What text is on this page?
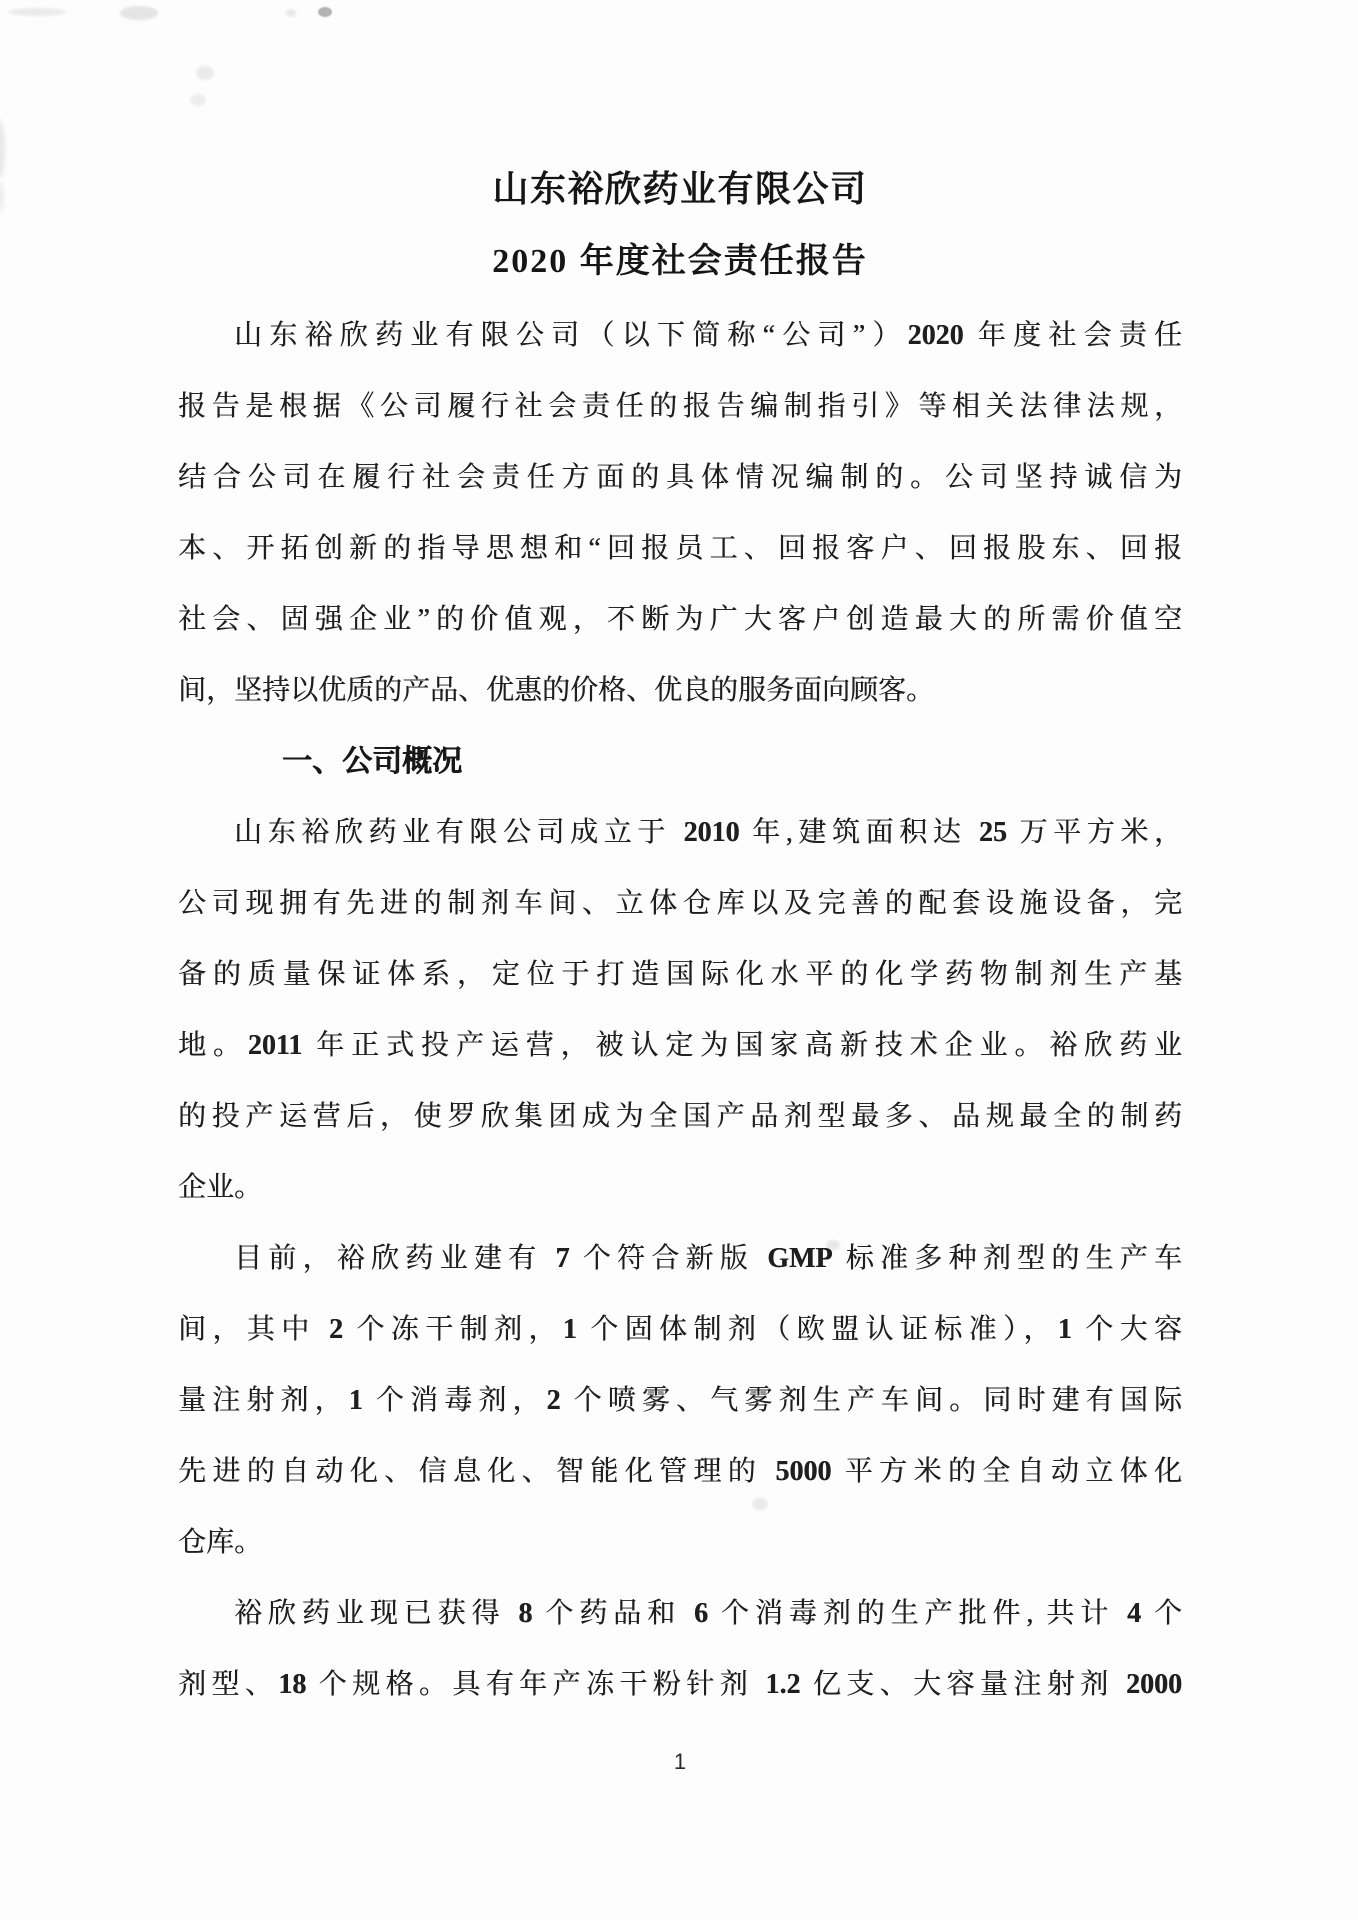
山东裕欣药业有限公司
2020 年度社会责任报告

山东裕欣药业有限公司（以下简称“公司”）2020 年度社会责任

报告是根据《公司履行社会责任的报告编制指引》等相关法律法规，

结合公司在履行社会责任方面的具体情况编制的。公司坚持诚信为

本、开拓创新的指导思想和“回报员工、回报客户、回报股东、回报

社会、固强企业”的价值观，不断为广大客户创造最大的所需价值空

间，坚持以优质的产品、优惠的价格、优良的服务面向顾客。

一、公司概况

山东裕欣药业有限公司成立于 2010 年,建筑面积达 25 万平方米，

公司现拥有先进的制剂车间、立体仓库以及完善的配套设施设备，完

备的质量保证体系，定位于打造国际化水平的化学药物制剂生产基

地。2011 年正式投产运营，被认定为国家高新技术企业。裕欣药业

的投产运营后，使罗欣集团成为全国产品剂型最多、品规最全的制药

企业。

目前，裕欣药业建有 7 个符合新版 GMP 标准多种剂型的生产车

间，其中 2 个冻干制剂，1 个固体制剂（欧盟认证标准），1 个大容

量注射剂，1 个消毒剂，2 个喷雾、气雾剂生产车间。同时建有国际

先进的自动化、信息化、智能化管理的 5000 平方米的全自动立体化

仓库。

裕欣药业现已获得 8 个药品和 6 个消毒剂的生产批件, 共计 4 个

剂型、18 个规格。具有年产冻干粉针剂 1.2 亿支、大容量注射剂 2000

1
